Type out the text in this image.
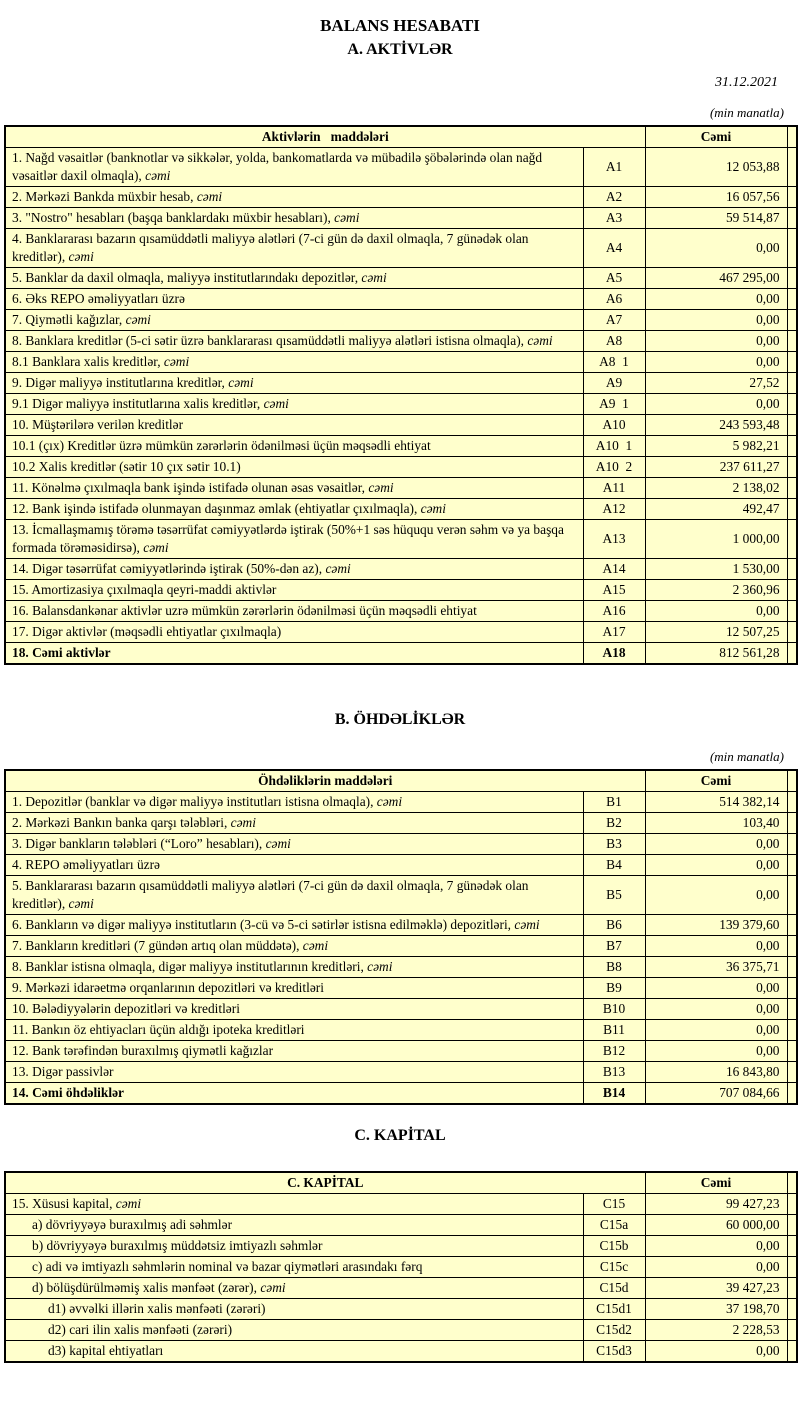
BALANS HESABATI
A. AKTİVLƏR
31.12.2021
(min manatla)
Aktivlərin   maddələri		Cəmi	
1. Nağd vəsaitlər (banknotlar və sikkələr, yolda, bankomatlarda və mübadilə şöbələrində olan nağd vəsaitlər daxil olmaqla), cəmi	A1	12 053,88	
2. Mərkəzi Bankda müxbir hesab, cəmi	A2	16 057,56	
3. "Nostro" hesabları (başqa banklardakı müxbir hesabları), cəmi	A3	59 514,87	
4. Banklararası bazarın qısamüddətli maliyyə alətləri (7-ci gün də daxil olmaqla, 7 günədək olan kreditlər), cəmi	A4	0,00	
5. Banklar da daxil olmaqla, maliyyə institutlarındakı depozitlər, cəmi	A5	467 295,00	
6. Əks REPO əməliyyatları üzrə	A6	0,00	
7. Qiymətli kağızlar, cəmi	A7	0,00	
8. Banklara kreditlər (5-ci sətir üzrə banklararası qısamüddətli maliyyə alətləri istisna olmaqla), cəmi	A8	0,00	
8.1 Banklara xalis kreditlər, cəmi	A8  1	0,00	
9. Digər maliyyə institutlarına kreditlər, cəmi	A9	27,52	
9.1 Digər maliyyə institutlarına xalis kreditlər, cəmi	A9  1	0,00	
10. Müştərilərə verilən kreditlər	A10	243 593,48	
10.1 (çıx) Kreditlər üzrə mümkün zərərlərin ödənilməsi üçün məqsədli ehtiyat	A10  1	5 982,21	
10.2 Xalis kreditlər (sətir 10 çıx sətir 10.1)	A10  2	237 611,27	
11. Könəlmə çıxılmaqla bank işində istifadə olunan əsas vəsaitlər, cəmi	A11	2 138,02	
12. Bank işində istifadə olunmayan daşınmaz əmlak (ehtiyatlar çıxılmaqla), cəmi	A12	492,47	
13. İcmallaşmamış törəmə təsərrüfat cəmiyyətlərdə iştirak (50%+1 səs hüququ verən səhm və ya başqa formada törəməsidirsə), cəmi	A13	1 000,00	
14. Digər təsərrüfat cəmiyyətlərində iştirak (50%-dən az), cəmi	A14	1 530,00	
15. Amortizasiya çıxılmaqla qeyri-maddi aktivlər	A15	2 360,96	
16. Balansdankənar aktivlər uzrə mümkün zərərlərin ödənilməsi üçün məqsədli ehtiyat	A16	0,00	
17. Digər aktivlər (məqsədli ehtiyatlar çıxılmaqla)	A17	12 507,25	
18. Cəmi aktivlər	A18	812 561,28	
B. ÖHDƏLİKLƏR
(min manatla)
Öhdəliklərin maddələri		Cəmi	
1. Depozitlər (banklar və digər maliyyə institutları istisna olmaqla), cəmi	B1	514 382,14	
2. Mərkəzi Bankın banka qarşı tələbləri, cəmi	B2	103,40	
3. Digər bankların tələbləri (“Loro” hesabları), cəmi	B3	0,00	
4. REPO əməliyyatları üzrə	B4	0,00	
5. Banklararası bazarın qısamüddətli maliyyə alətləri (7-ci gün də daxil olmaqla, 7 günədək olan kreditlər), cəmi	B5	0,00	
6. Bankların və digər maliyyə institutların (3-cü və 5-ci sətirlər istisna edilməklə) depozitləri, cəmi	B6	139 379,60	
7. Bankların kreditləri (7 gündən artıq olan müddətə), cəmi	B7	0,00	
8. Banklar istisna olmaqla, digər maliyyə institutlarının kreditləri, cəmi	B8	36 375,71	
9. Mərkəzi idarəetmə orqanlarının depozitləri və kreditləri	B9	0,00	
10. Bələdiyyələrin depozitləri və kreditləri	B10	0,00	
11. Bankın öz ehtiyacları üçün aldığı ipoteka kreditləri	B11	0,00	
12. Bank tərəfindən buraxılmış qiymətli kağızlar	B12	0,00	
13. Digər passivlər	B13	16 843,80	
14. Cəmi öhdəliklər	B14	707 084,66	
C. KAPİTAL
C. KAPİTAL		Cəmi	
15. Xüsusi kapital, cəmi	C15	99 427,23	
a) dövriyyəyə buraxılmış adi səhmlər	C15a	60 000,00	
b) dövriyyəyə buraxılmış müddətsiz imtiyazlı səhmlər	C15b	0,00	
c) adi və imtiyazlı səhmlərin nominal və bazar qiymətləri arasındakı fərq	C15c	0,00	
d) bölüşdürülməmiş xalis mənfəət (zərər), cəmi	C15d	39 427,23	
d1) əvvəlki illərin xalis mənfəəti (zərəri)	C15d1	37 198,70	
d2) cari ilin xalis mənfəəti (zərəri)	C15d2	2 228,53	
d3) kapital ehtiyatları	C15d3	0,00	
